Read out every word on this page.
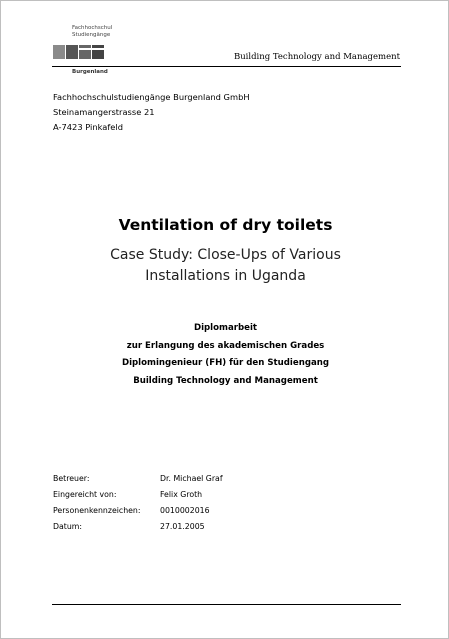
Fachhochschul
Studiengänge
Burgenland
Building Technology and Management
Fachhochschulstudiengänge Burgenland GmbH
Steinamangerstrasse 21
A-7423 Pinkafeld
Ventilation of dry toilets
Case Study: Close-Ups of Various
Installations in Uganda
Diplomarbeit
zur Erlangung des akademischen Grades
Diplomingenieur (FH) für den Studiengang
Building Technology and Management
Betreuer:	Dr. Michael Graf
Eingereicht von:	Felix Groth
Personenkennzeichen: 0010002016
Datum:	27.01.2005
